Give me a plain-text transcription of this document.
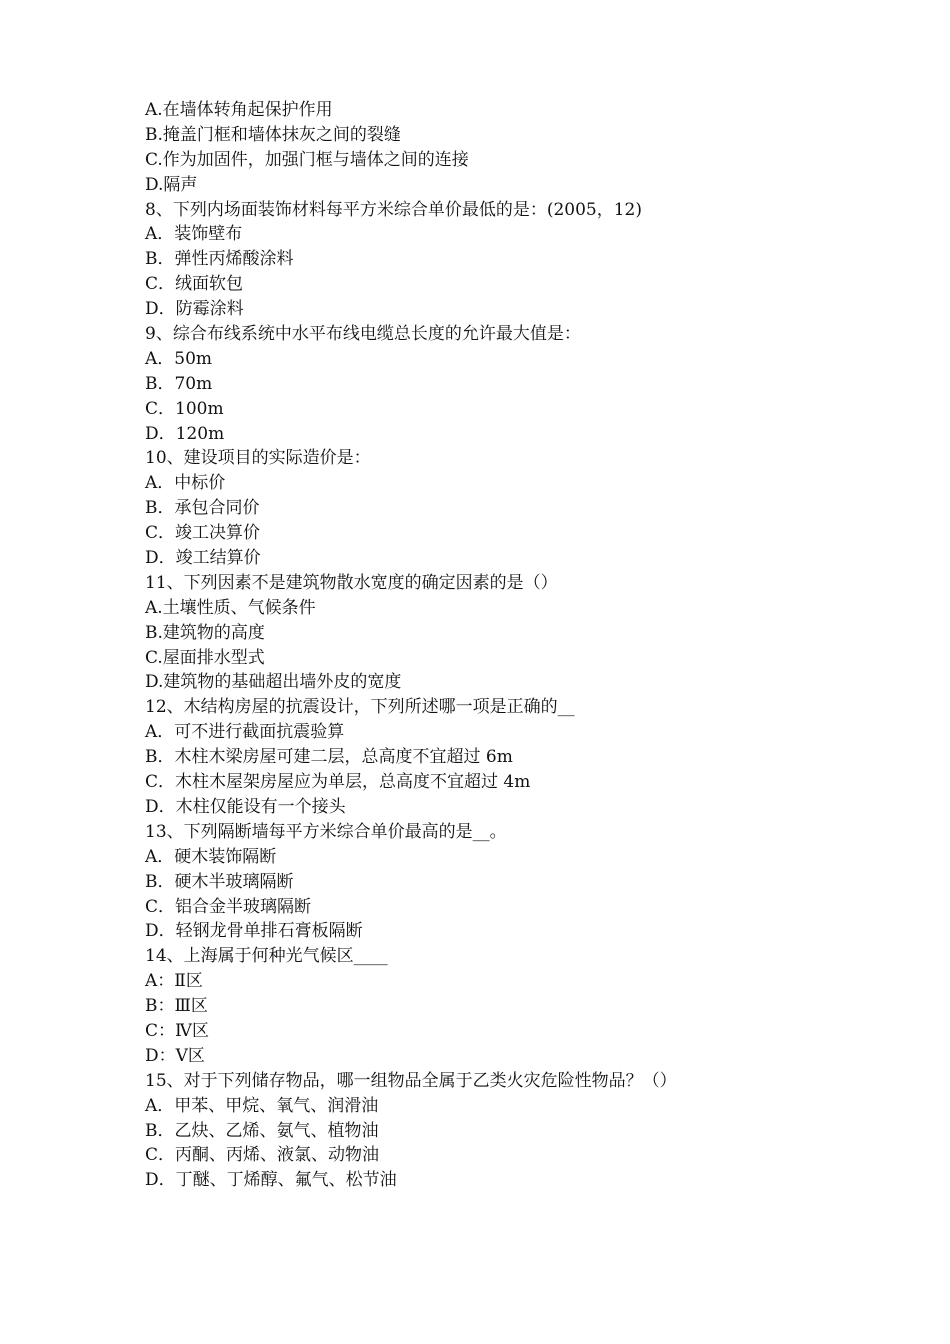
A.在墙体转角起保护作用
B.掩盖门框和墙体抹灰之间的裂缝
C.作为加固件，加强门框与墙体之间的连接
D.隔声
8、下列内场面装饰材料每平方米综合单价最低的是：(2005，12)
A．装饰壁布
B．弹性丙烯酸涂料
C．绒面软包
D．防霉涂料
9、综合布线系统中水平布线电缆总长度的允许最大值是：
A．50m
B．70m
C．100m
D．120m
10、建设项目的实际造价是：
A．中标价
B．承包合同价
C．竣工决算价
D．竣工结算价
11、下列因素不是建筑物散水宽度的确定因素的是（）
A.土壤性质、气候条件
B.建筑物的高度
C.屋面排水型式
D.建筑物的基础超出墙外皮的宽度
12、木结构房屋的抗震设计，下列所述哪一项是正确的__
A．可不进行截面抗震验算
B．木柱木梁房屋可建二层，总高度不宜超过 6m
C．木柱木屋架房屋应为单层，总高度不宜超过 4m
D．木柱仅能设有一个接头
13、下列隔断墙每平方米综合单价最高的是__。
A．硬木装饰隔断
B．硬木半玻璃隔断
C．铝合金半玻璃隔断
D．轻钢龙骨单排石膏板隔断
14、上海属于何种光气候区____
A：Ⅱ区
B：Ⅲ区
C：Ⅳ区
D：Ⅴ区
15、对于下列储存物品，哪一组物品全属于乙类火灾危险性物品？（）
A．甲苯、甲烷、氧气、润滑油
B．乙炔、乙烯、氨气、植物油
C．丙酮、丙烯、液氯、动物油
D．丁醚、丁烯醇、氟气、松节油
